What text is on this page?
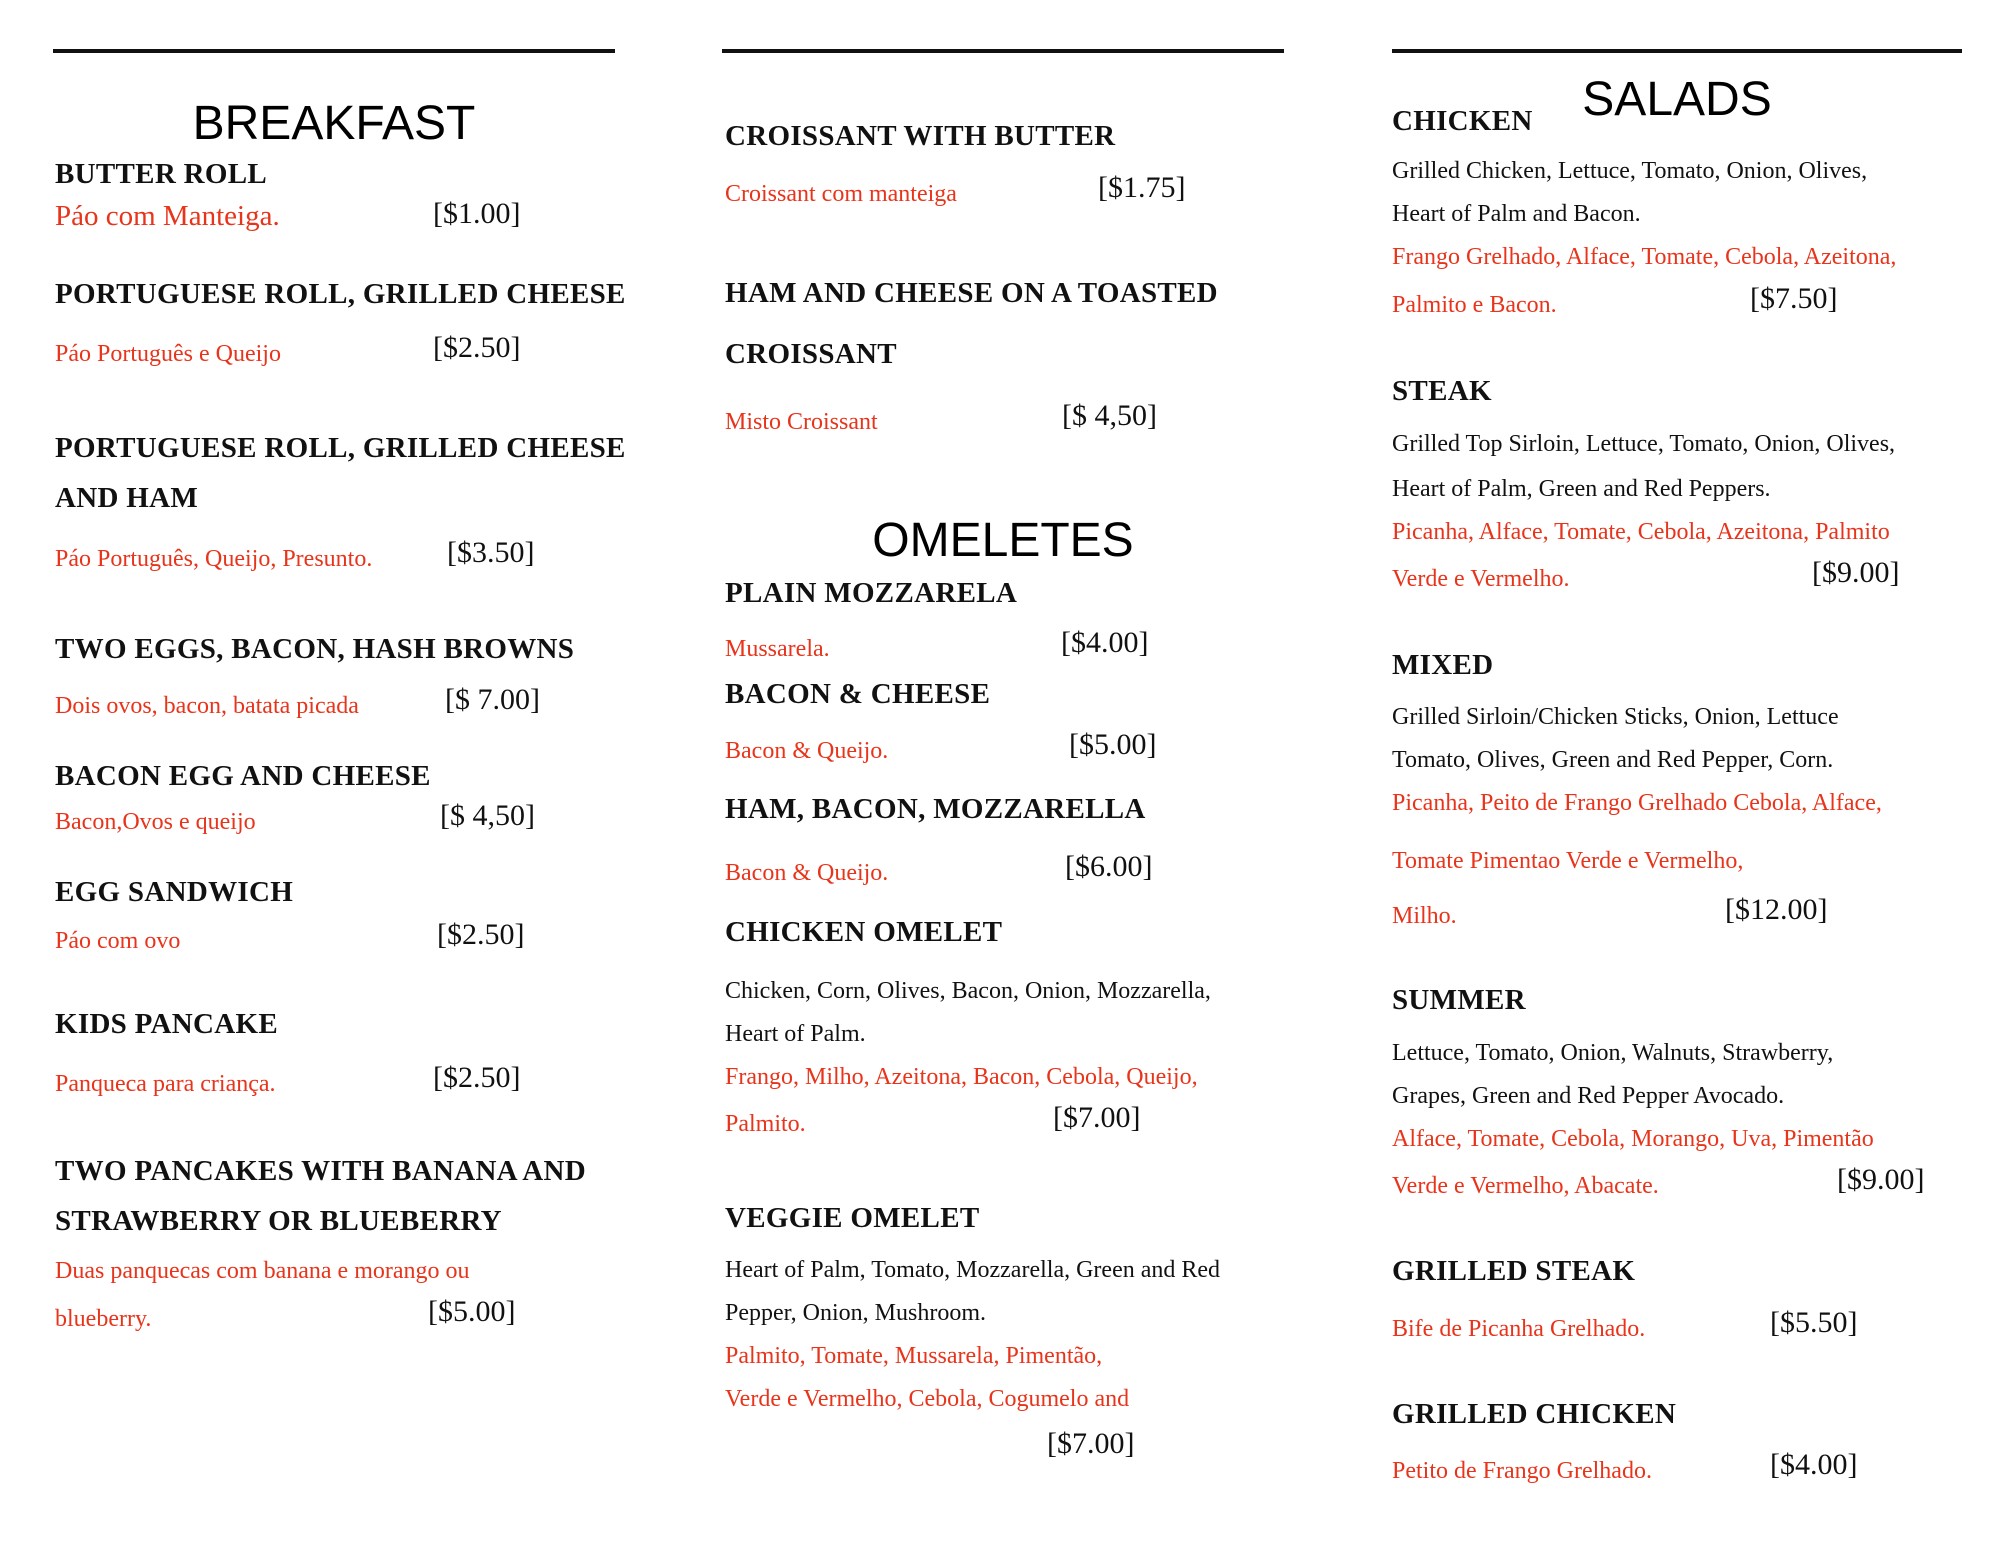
BREAKFAST
OMELETES
SALADS
BUTTER ROLL
Páo com Manteiga.	[$1.00]
PORTUGUESE ROLL, GRILLED CHEESE
Páo Português e Queijo	[$2.50]
PORTUGUESE ROLL, GRILLED CHEESE
AND HAM
Páo Português, Queijo, Presunto. [$3.50]
TWO EGGS, BACON, HASH BROWNS
Dois ovos, bacon, batata picada	[$ 7.00]
BACON EGG AND CHEESE
Bacon,Ovos e queijo	[$ 4,50]
EGG SANDWICH
Páo com ovo	[$2.50]
KIDS PANCAKE
Panqueca para criança.	[$2.50]
TWO PANCAKES WITH BANANA AND
STRAWBERRY OR BLUEBERRY
Duas panquecas com banana e morango ou
blueberry.	[$5.00]
CROISSANT WITH BUTTER
Croissant com manteiga	[$1.75]
HAM AND CHEESE ON A TOASTED
CROISSANT
Misto Croissant	[$ 4,50]
PLAIN MOZZARELA
Mussarela.	[$4.00]
BACON & CHEESE
Bacon & Queijo.	[$5.00]
HAM, BACON, MOZZARELLA
Bacon & Queijo.	[$6.00]
CHICKEN OMELET
Chicken, Corn, Olives, Bacon, Onion, Mozzarella,
Heart of Palm.
Frango, Milho, Azeitona, Bacon, Cebola, Queijo,
Palmito.	[$7.00]
VEGGIE OMELET
Heart of Palm, Tomato, Mozzarella, Green and Red
Pepper, Onion, Mushroom.
Palmito, Tomate, Mussarela, Pimentão,
Verde e Vermelho, Cebola, Cogumelo and
[$7.00]
CHICKEN
Grilled Chicken, Lettuce, Tomato, Onion, Olives,
Heart of Palm and Bacon.
Frango Grelhado, Alface, Tomate, Cebola, Azeitona,
Palmito e Bacon.	[$7.50]
STEAK
Grilled Top Sirloin, Lettuce, Tomato, Onion, Olives,
Heart of Palm, Green and Red Peppers.
Picanha, Alface, Tomate, Cebola, Azeitona, Palmito
Verde e Vermelho.	[$9.00]
MIXED
Grilled Sirloin/Chicken Sticks, Onion, Lettuce
Tomato, Olives, Green and Red Pepper, Corn.
Picanha, Peito de Frango Grelhado Cebola, Alface,
Tomate Pimentao Verde e Vermelho,
Milho.	[$12.00]
SUMMER
Lettuce, Tomato, Onion, Walnuts, Strawberry,
Grapes, Green and Red Pepper Avocado.
Alface, Tomate, Cebola, Morango, Uva, Pimentão
Verde e Vermelho, Abacate.	[$9.00]
GRILLED STEAK
Bife de Picanha Grelhado.	[$5.50]
GRILLED CHICKEN
Petito de Frango Grelhado.	[$4.00]
